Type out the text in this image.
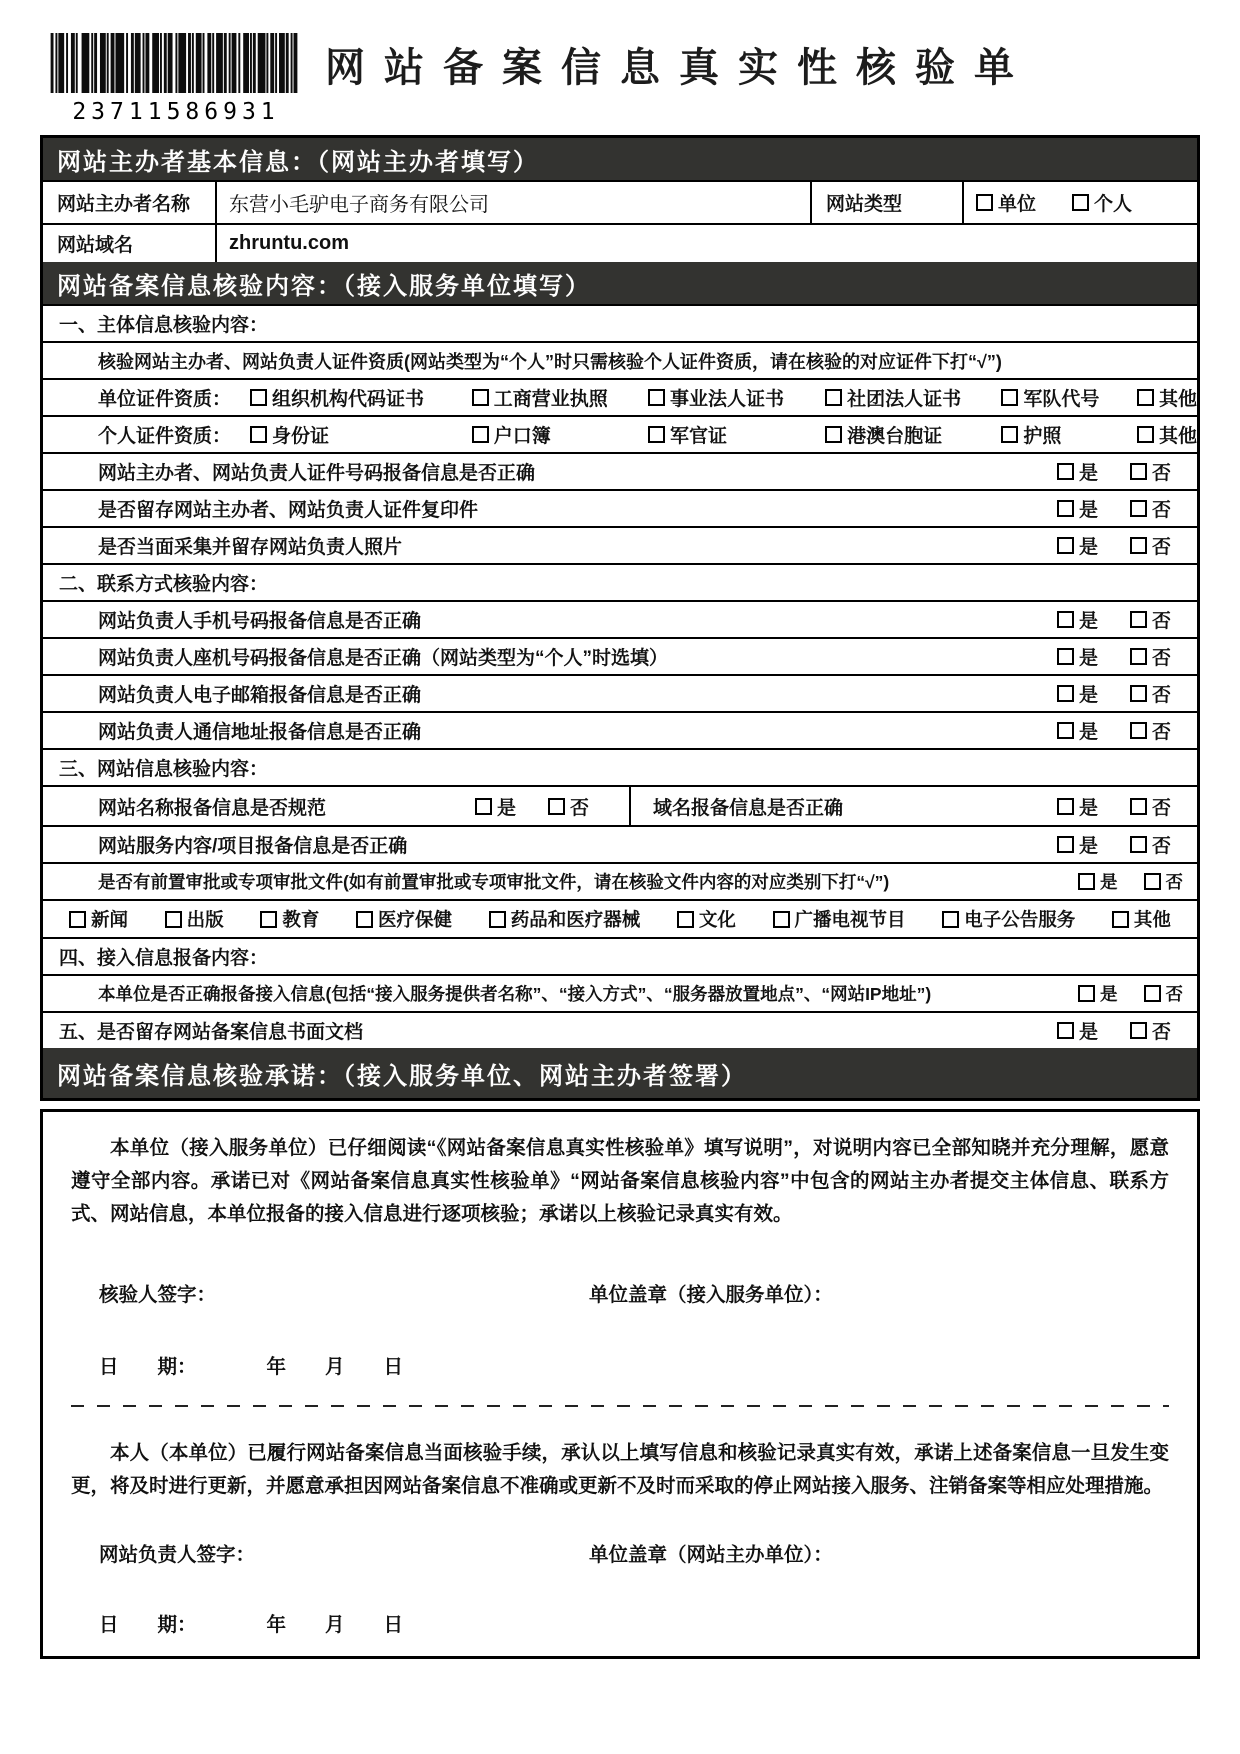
23711586931
网站备案信息真实性核验单
网站主办者基本信息：（网站主办者填写）
网站主办者名称	东营小毛驴电子商务有限公司	网站类型	单位	个人
网站域名	zhruntu.com
网站备案信息核验内容：（接入服务单位填写）
一、主体信息核验内容：
核验网站主办者、网站负责人证件资质(网站类型为“个人”时只需核验个人证件资质，请在核验的对应证件下打“√”)
单位证件资质：	组织机构代码证书	工商营业执照	事业法人证书	社团法人证书	军队代号	其他
个人证件资质：	身份证	户口簿	军官证	港澳台胞证	护照	其他
网站主办者、网站负责人证件号码报备信息是否正确	是	否
是否留存网站主办者、网站负责人证件复印件	是	否
是否当面采集并留存网站负责人照片	是	否
二、联系方式核验内容：
网站负责人手机号码报备信息是否正确	是	否
网站负责人座机号码报备信息是否正确（网站类型为“个人”时选填）	是	否
网站负责人电子邮箱报备信息是否正确	是	否
网站负责人通信地址报备信息是否正确	是	否
三、网站信息核验内容：
网站名称报备信息是否规范	是	否	域名报备信息是否正确	是	否
网站服务内容/项目报备信息是否正确	是	否
是否有前置审批或专项审批文件(如有前置审批或专项审批文件，请在核验文件内容的对应类别下打“√”)	是	否
新闻	出版	教育	医疗保健	药品和医疗器械	文化	广播电视节目	电子公告服务	其他
四、接入信息报备内容：
本单位是否正确报备接入信息(包括“接入服务提供者名称”、“接入方式”、“服务器放置地点”、“网站IP地址”)	是	否
五、是否留存网站备案信息书面文档	是	否
网站备案信息核验承诺：（接入服务单位、网站主办者签署）

本单位（接入服务单位）已仔细阅读“《网站备案信息真实性核验单》填写说明”，对说明内容已全部知晓并充分理解，愿意遵守全部内容。承诺已对《网站备案信息真实性核验单》“网站备案信息核验内容”中包含的网站主办者提交主体信息、联系方式、网站信息，本单位报备的接入信息进行逐项核验；承诺以上核验记录真实有效。

核验人签字：	单位盖章（接入服务单位）：
日　　期：	年　　月　　日

本人（本单位）已履行网站备案信息当面核验手续，承认以上填写信息和核验记录真实有效，承诺上述备案信息一旦发生变更，将及时进行更新，并愿意承担因网站备案信息不准确或更新不及时而采取的停止网站接入服务、注销备案等相应处理措施。

网站负责人签字：	单位盖章（网站主办单位）：
日　　期：	年　　月　　日
